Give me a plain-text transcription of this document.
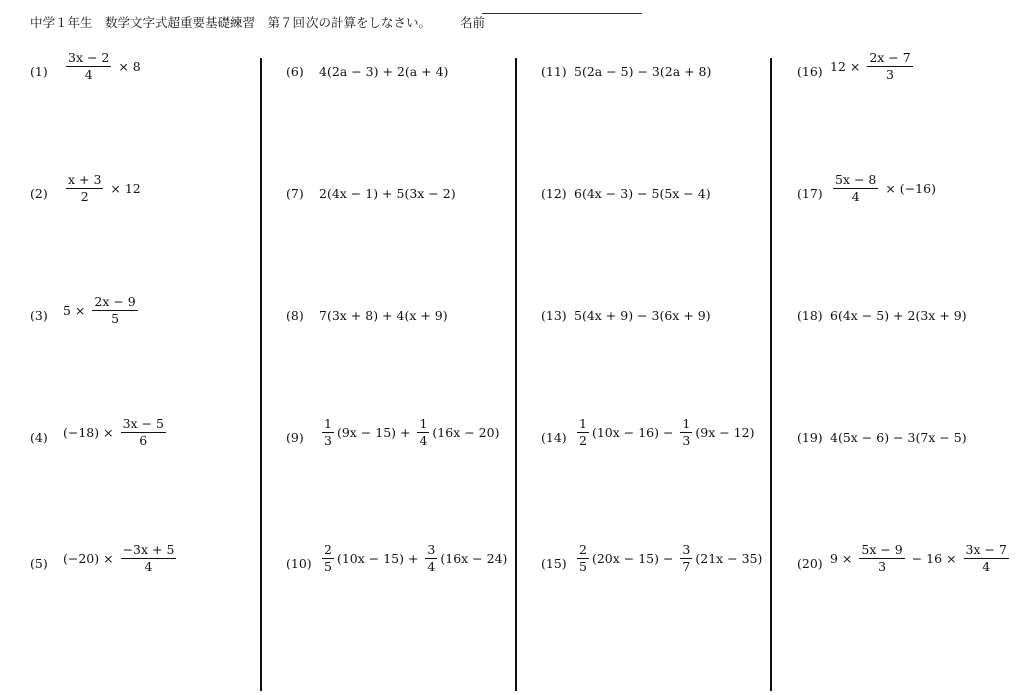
中学１年生　数学文字式超重要基礎練習　第７回 次の計算をしなさい。 名前
$(1) \frac{3x - 2}{4} \times 8$
$(2) \frac{x + 3}{2} \times 12$
(3) $5 \times \frac{2x - 9}{5}$
(4) $(-18) \times \frac{3x - 5}{6}$
(5) $(-20) \times \frac{-3x + 5}{4}$
(6) 4(2a − 3) + 2(a + 4)
(7) 2(4x − 1) + 5(3x − 2)
(8) 7(3x + 8) + 4(x + 9)
$(9) \frac{1}{3} (9x - 15) + \frac{1}{4} (16x - 20)$
$(10) \frac{2}{5} (10x - 15) + \frac{3}{4} (16x - 24)$
(11) 5(2a − 5) − 3(2a + 8)
(12) 6(4x − 3) − 5(5x − 4)
(13) 5(4x + 9) − 3(6x + 9)
$(14) \frac{1}{2} (10x - 16) - \frac{1}{3} (9x - 12)$
$(15) \frac{2}{5} (20x - 15) - \frac{3}{7} (21x - 35)$
(16) $12 \times \frac{2x - 7}{3}$
$(17) \frac{5x - 8}{4} \times (-16)$
(18) 6(4x − 5) + 2(3x + 9)
(19) 4(5x − 6) − 3(7x − 5)
(20) $9 \times \frac{5x - 9}{3} - 16 \times \frac{3x - 7}{4}$
